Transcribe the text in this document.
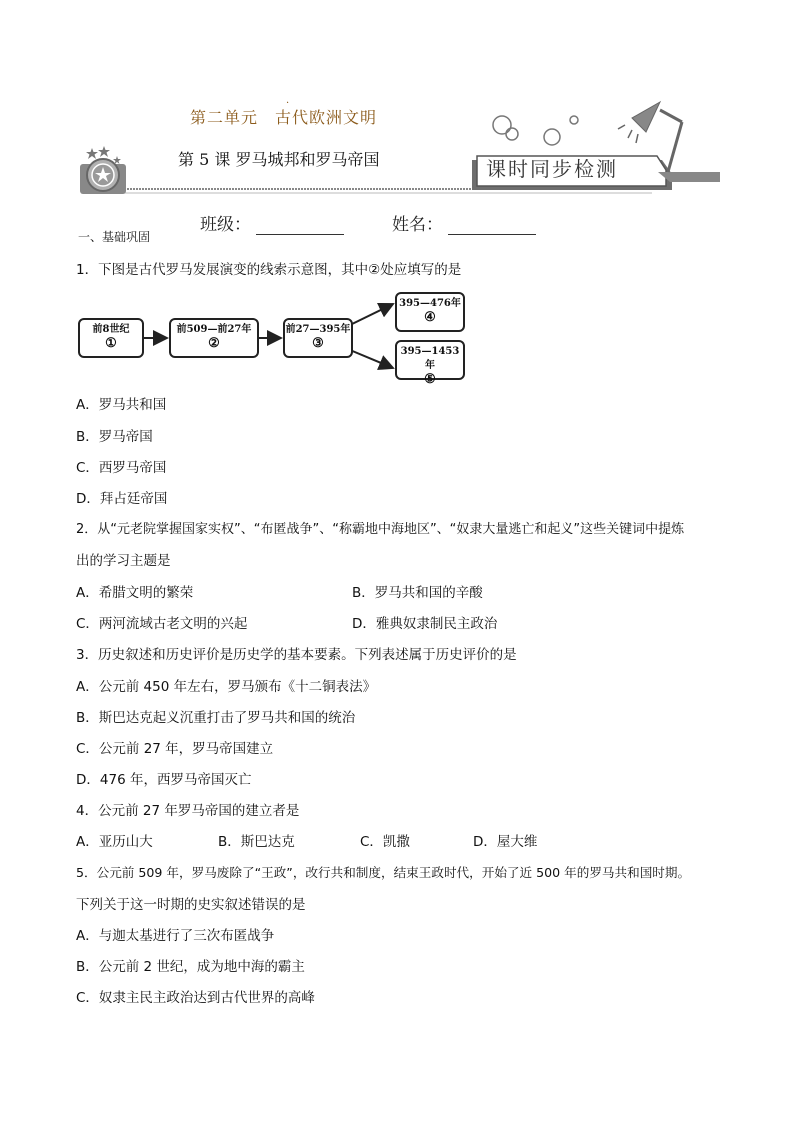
第二单元　古代欧洲文明
·
第 5 课 罗马城邦和罗马帝国	课时同步检测
班级：	姓名：
一、基础巩固
1．下图是古代罗马发展演变的线索示意图，其中②处应填写的是
前8世纪
①
前509—前27年
②
前27—395年
③
395—476年
④
395—1453年
⑤
A．罗马共和国
B．罗马帝国
C．西罗马帝国
D．拜占廷帝国
2．从“元老院掌握国家实权”、“布匿战争”、“称霸地中海地区”、“奴隶大量逃亡和起义”这些关键词中提炼
出的学习主题是
A．希腊文明的繁荣	B．罗马共和国的辛酸
C．两河流域古老文明的兴起	D．雅典奴隶制民主政治
3．历史叙述和历史评价是历史学的基本要素。下列表述属于历史评价的是
A．公元前 450 年左右，罗马颁布《十二铜表法》
B．斯巴达克起义沉重打击了罗马共和国的统治
C．公元前 27 年，罗马帝国建立
D．476 年，西罗马帝国灭亡
4．公元前 27 年罗马帝国的建立者是
A．亚历山大	B．斯巴达克	C．凯撒	D．屋大维
5．公元前 509 年，罗马废除了“王政”，改行共和制度，结束王政时代，开始了近 500 年的罗马共和国时期。
下列关于这一时期的史实叙述错误的是
A．与迦太基进行了三次布匿战争
B．公元前 2 世纪，成为地中海的霸主
C．奴隶主民主政治达到古代世界的高峰
